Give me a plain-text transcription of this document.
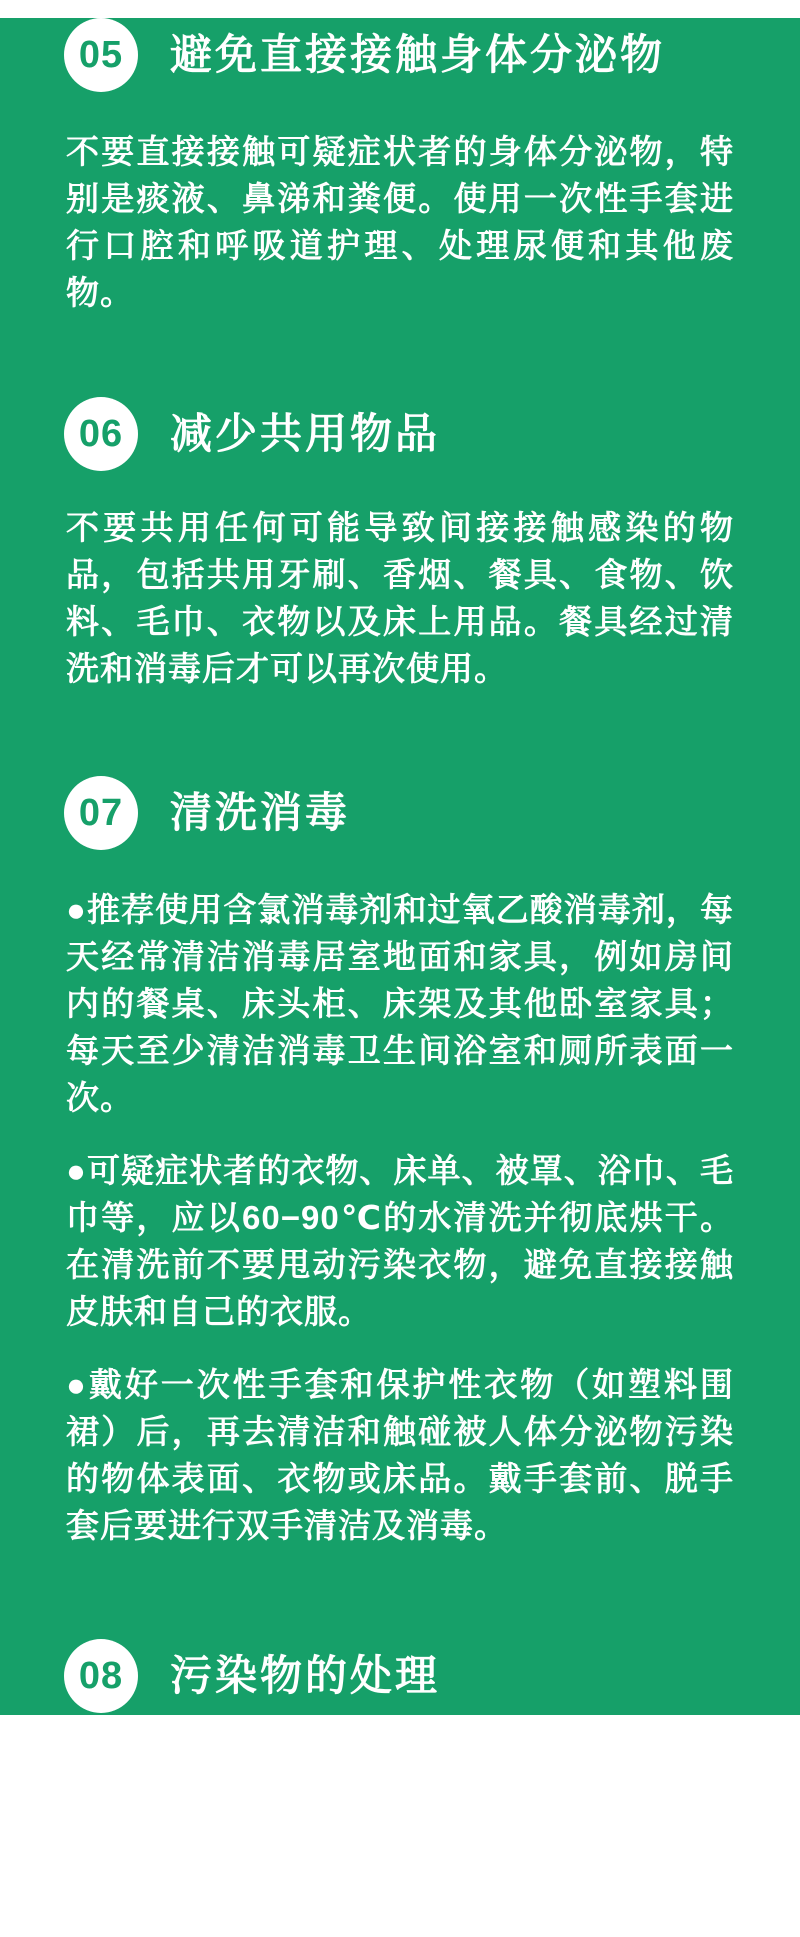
05 避免直接接触身体分泌物

不要直接接触可疑症状者的身体分泌物，特别是痰液、鼻涕和粪便。使用一次性手套进行口腔和呼吸道护理、处理尿便和其他废物。

06 减少共用物品

不要共用任何可能导致间接接触感染的物品，包括共用牙刷、香烟、餐具、食物、饮料、毛巾、衣物以及床上用品。餐具经过清洗和消毒后才可以再次使用。

07 清洗消毒

●推荐使用含氯消毒剂和过氧乙酸消毒剂，每天经常清洁消毒居室地面和家具，例如房间内的餐桌、床头柜、床架及其他卧室家具；每天至少清洁消毒卫生间浴室和厕所表面一次。

●可疑症状者的衣物、床单、被罩、浴巾、毛巾等，应以60−90℃的水清洗并彻底烘干。在清洗前不要甩动污染衣物，避免直接接触皮肤和自己的衣服。

●戴好一次性手套和保护性衣物（如塑料围裙）后，再去清洁和触碰被人体分泌物污染的物体表面、衣物或床品。戴手套前、脱手套后要进行双手清洁及消毒。

08 污染物的处理

在清洁和处置台面、清洗衣物以及处理分泌物时，使用过的手套、纸巾、口罩以及其他废物都应该放在患者房间专用的垃圾袋里面，标记为污染物再丢弃。
